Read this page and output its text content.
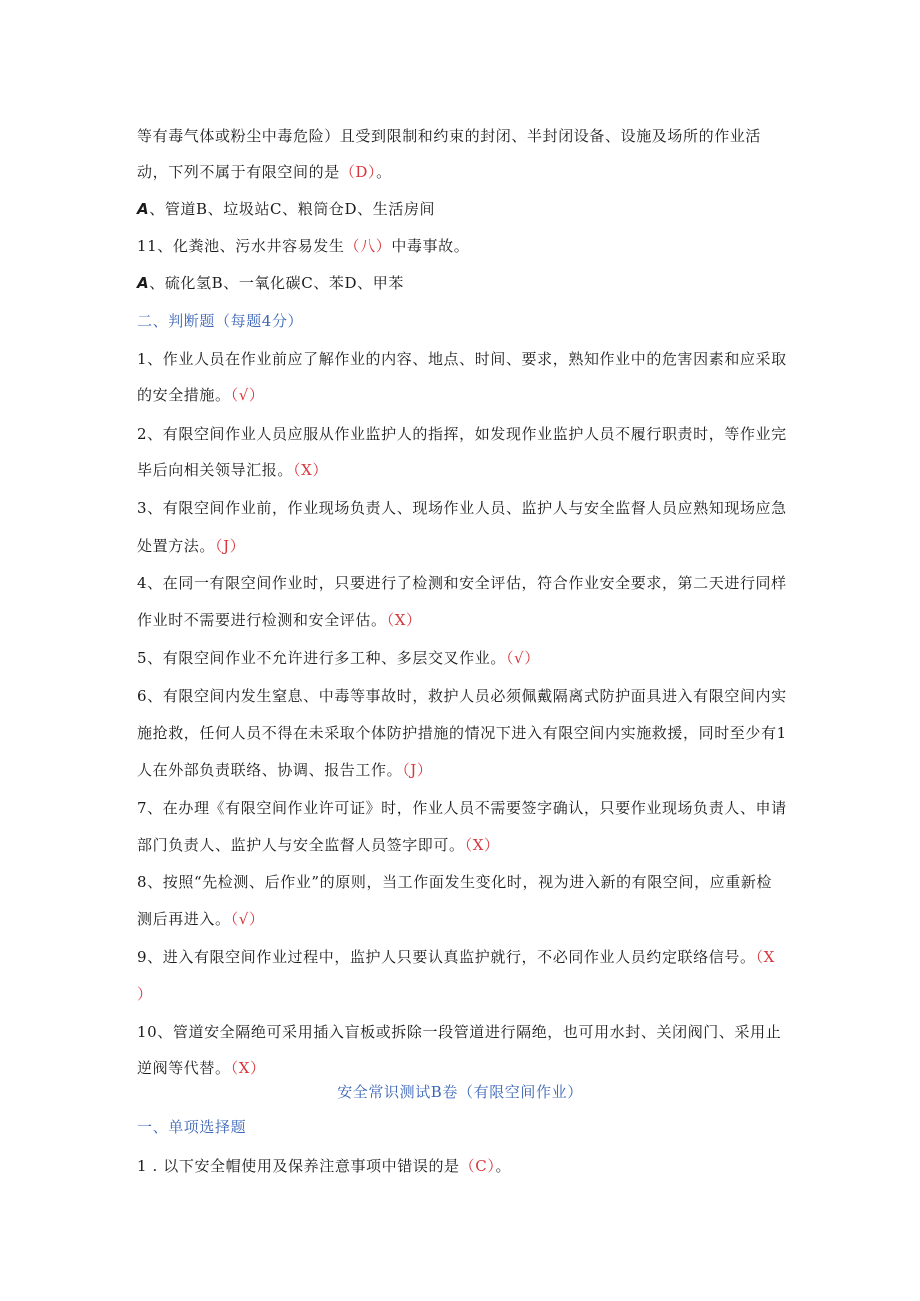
等有毒气体或粉尘中毒危险）且受到限制和约束的封闭、半封闭设备、设施及场所的作业活
动，下列不属于有限空间的是（D）。
A、管道B、垃圾站C、粮筒仓D、生活房间
11、化粪池、污水井容易发生（八）中毒事故。
A、硫化氢B、一氧化碳C、苯D、甲苯
二、判断题（每题4分）
1、作业人员在作业前应了解作业的内容、地点、时间、要求，熟知作业中的危害因素和应采取
的安全措施。（√）
2、有限空间作业人员应服从作业监护人的指挥，如发现作业监护人员不履行职责时，等作业完
毕后向相关领导汇报。（X）
3、有限空间作业前，作业现场负责人、现场作业人员、监护人与安全监督人员应熟知现场应急
处置方法。（J）
4、在同一有限空间作业时，只要进行了检测和安全评估，符合作业安全要求，第二天进行同样
作业时不需要进行检测和安全评估。（X）
5、有限空间作业不允许进行多工种、多层交叉作业。（√）
6、有限空间内发生窒息、中毒等事故时，救护人员必须佩戴隔离式防护面具进入有限空间内实
施抢救，任何人员不得在未采取个体防护措施的情况下进入有限空间内实施救援，同时至少有1
人在外部负责联络、协调、报告工作。（J）
7、在办理《有限空间作业许可证》时，作业人员不需要签字确认，只要作业现场负责人、申请
部门负责人、监护人与安全监督人员签字即可。（X）
8、按照“先检测、后作业”的原则，当工作面发生变化时，视为进入新的有限空间，应重新检
测后再进入。（√）
9、进入有限空间作业过程中，监护人只要认真监护就行，不必同作业人员约定联络信号。（X
）
10、管道安全隔绝可采用插入盲板或拆除一段管道进行隔绝，也可用水封、关闭阀门、采用止
逆阀等代替。（X）
安全常识测试B卷（有限空间作业）
一、单项选择题
1 . 以下安全帽使用及保养注意事项中错误的是（C）。
